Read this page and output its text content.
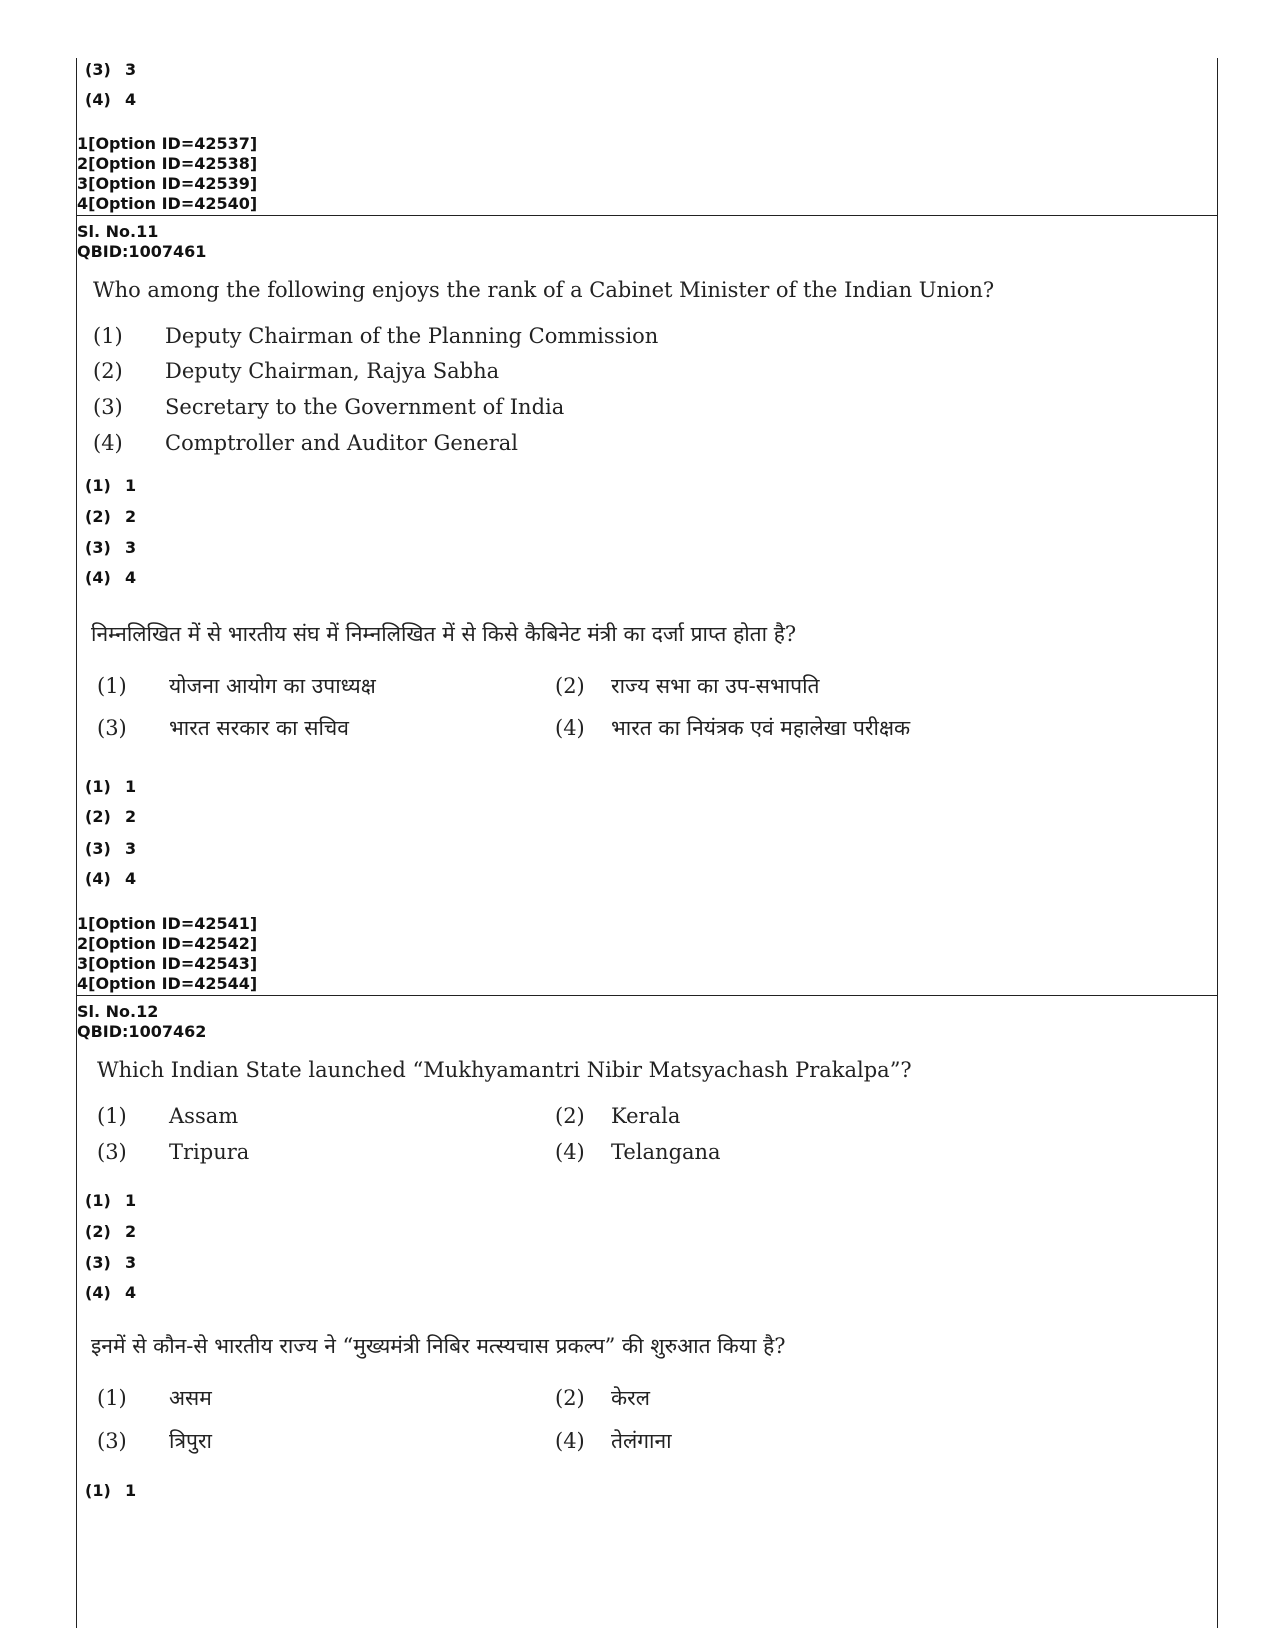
(3) 3
(4) 4
1[Option ID=42537]
2[Option ID=42538]
3[Option ID=42539]
4[Option ID=42540]
Sl. No.11
QBID:1007461
Who among the following enjoys the rank of a Cabinet Minister of the Indian Union?
(1) Deputy Chairman of the Planning Commission
(2) Deputy Chairman, Rajya Sabha
(3) Secretary to the Government of India
(4) Comptroller and Auditor General
(1) 1
(2) 2
(3) 3
(4) 4
निम्नलिखित में से भारतीय संघ में निम्नलिखित में से किसे कैबिनेट मंत्री का दर्जा प्राप्त होता है?
(1) योजना आयोग का उपाध्यक्ष	(2) राज्य सभा का उप-सभापति
(3) भारत सरकार का सचिव	(4) भारत का नियंत्रक एवं महालेखा परीक्षक
(1) 1
(2) 2
(3) 3
(4) 4
1[Option ID=42541]
2[Option ID=42542]
3[Option ID=42543]
4[Option ID=42544]
Sl. No.12
QBID:1007462
Which Indian State launched “Mukhyamantri Nibir Matsyachash Prakalpa”?
(1) Assam	(2) Kerala
(3) Tripura	(4) Telangana
(1) 1
(2) 2
(3) 3
(4) 4
इनमें से कौन-से भारतीय राज्य ने “मुख्यमंत्री निबिर मत्स्यचास प्रकल्प” की शुरुआत किया है?
(1) असम	(2) केरल
(3) त्रिपुरा	(4) तेलंगाना
(1) 1
